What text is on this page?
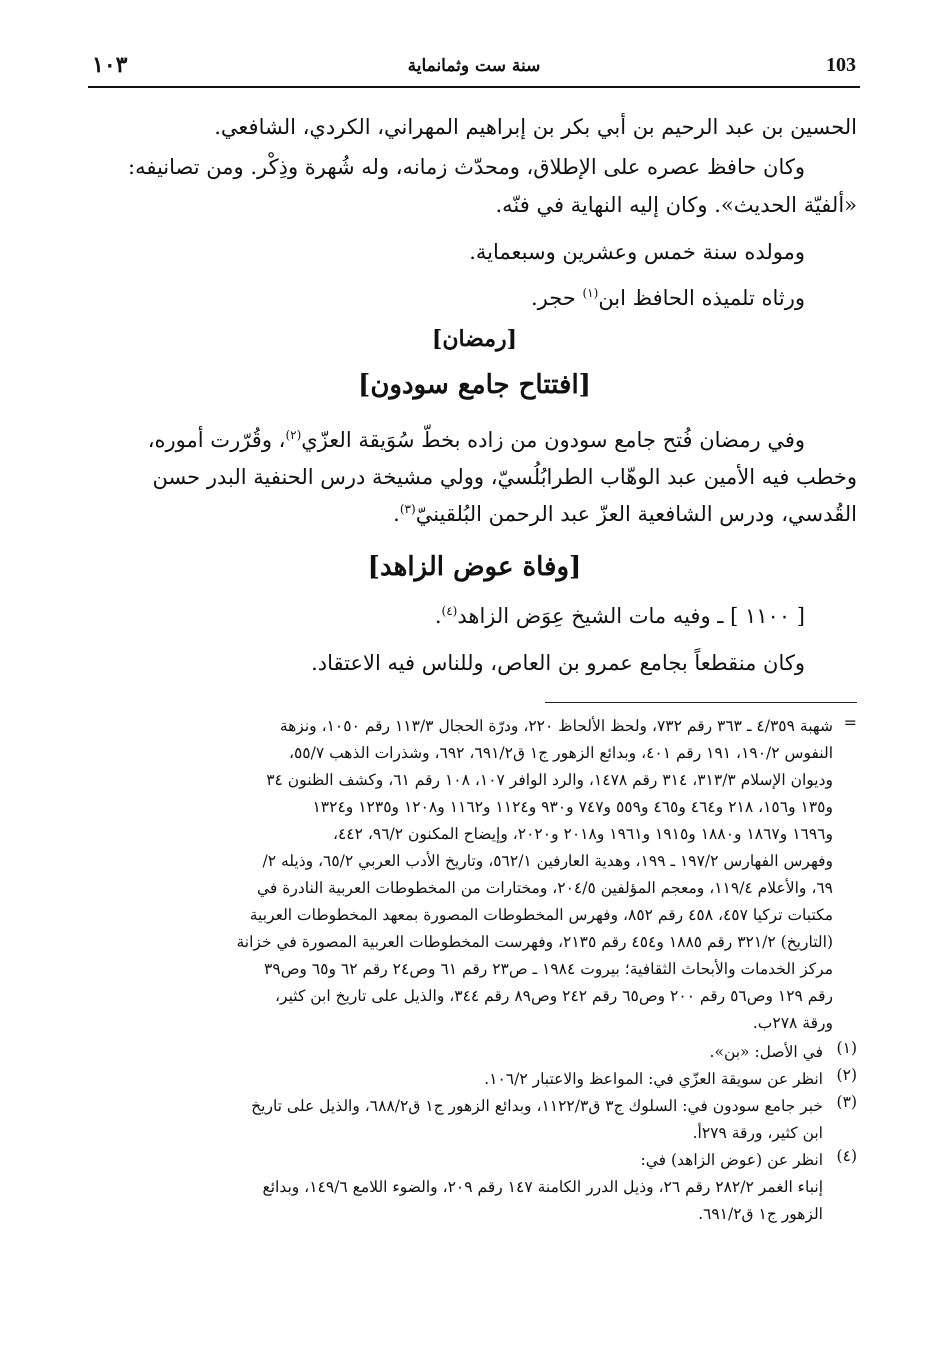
١٠٣	سنة ست وثمانماية	103
الحسين بن عبد الرحيم بن أبي بكر بن إبراهيم المهراني، الكردي، الشافعي.
وكان حافظ عصره على الإطلاق، ومحدّث زمانه، وله شُهرة وذِكْر. ومن تصانيفه:
«ألفيّة الحديث». وكان إليه النهاية في فنّه.
ومولده سنة خمس وعشرين وسبعماية.
ورثاه تلميذه الحافظ ابن$^{(١)}$ حجر.
[رمضان]
[افتتاح جامع سودون]
وفي رمضان فُتح جامع سودون من زاده بخطّ سُوَيقة العزّي$^{(٢)}$، وقُرّرت أموره،
وخطب فيه الأمين عبد الوهّاب الطرابُلُسيّ، وولي مشيخة درس الحنفية البدر حسن
القُدسي، ودرس الشافعية العزّ عبد الرحمن البُلقينيّ$^{(٣)}$.
[وفاة عوض الزاهد]
[ ١١٠٠ ] ـ وفيه مات الشيخ عِوَض الزاهد$^{(٤)}$.
وكان منقطعاً بجامع عمرو بن العاص، وللناس فيه الاعتقاد.
=
شهبة ٤/٣٥٩ ـ ٣٦٣ رقم ٧٣٢، ولحظ الألحاظ ٢٢٠، ودرّة الحجال ١١٣/٣ رقم ١٠٥٠، ونزهة
النفوس ١٩٠/٢، ١٩١ رقم ٤٠١، وبدائع الزهور ج١ ق٦٩١/٢، ٦٩٢، وشذرات الذهب ٥٥/٧،
وديوان الإسلام ٣١٣/٣، ٣١٤ رقم ١٤٧٨، والرد الوافر ١٠٧، ١٠٨ رقم ٦١، وكشف الظنون ٣٤
و١٣٥ و١٥٦، ٢١٨ و٤٦٤ و٤٦٥ و٥٥٩ و٧٤٧ و٩٣٠ و١١٢٤ و١١٦٢ و١٢٠٨ و١٢٣٥ و١٣٢٤
و١٦٩٦ و١٨٦٧ و١٨٨٠ و١٩١٥ و١٩٦١ و٢٠١٨ و٢٠٢٠، وإيضاح المكنون ٩٦/٢، ٤٤٢،
وفهرس الفهارس ١٩٧/٢ ـ ١٩٩، وهدية العارفين ٥٦٢/١، وتاريخ الأدب العربي ٦٥/٢، وذيله ٢/
٦٩، والأعلام ١١٩/٤، ومعجم المؤلفين ٢٠٤/٥، ومختارات من المخطوطات العربية النادرة في
مكتبات تركيا ٤٥٧، ٤٥٨ رقم ٨٥٢، وفهرس المخطوطات المصورة بمعهد المخطوطات العربية
(التاريخ) ٣٢١/٢ رقم ١٨٨٥ و٤٥٤ رقم ٢١٣٥، وفهرست المخطوطات العربية المصورة في خزانة
مركز الخدمات والأبحاث الثقافية؛ بيروت ١٩٨٤ ـ ص٢٣ رقم ٦١ وص٢٤ رقم ٦٢ و٦٥ وص٣٩
رقم ١٢٩ وص٥٦ رقم ٢٠٠ وص٦٥ رقم ٢٤٢ وص٨٩ رقم ٣٤٤، والذيل على تاريخ ابن كثير،
ورقة ٢٧٨ب.
(١)
في الأصل: «بن».
(٢)
انظر عن سويقة العزّي في: المواعظ والاعتبار ١٠٦/٢.
(٣)
خبر جامع سودون في: السلوك ج٣ ق١١٢٢/٣، وبدائع الزهور ج١ ق٦٨٨/٢، والذيل على تاريخ
ابن كثير، ورقة ٢٧٩أ.
(٤)
انظر عن (عوض الزاهد) في:
إنباء الغمر ٢٨٢/٢ رقم ٢٦، وذيل الدرر الكامنة ١٤٧ رقم ٢٠٩، والضوء اللامع ١٤٩/٦، وبدائع
الزهور ج١ ق٦٩١/٢.
